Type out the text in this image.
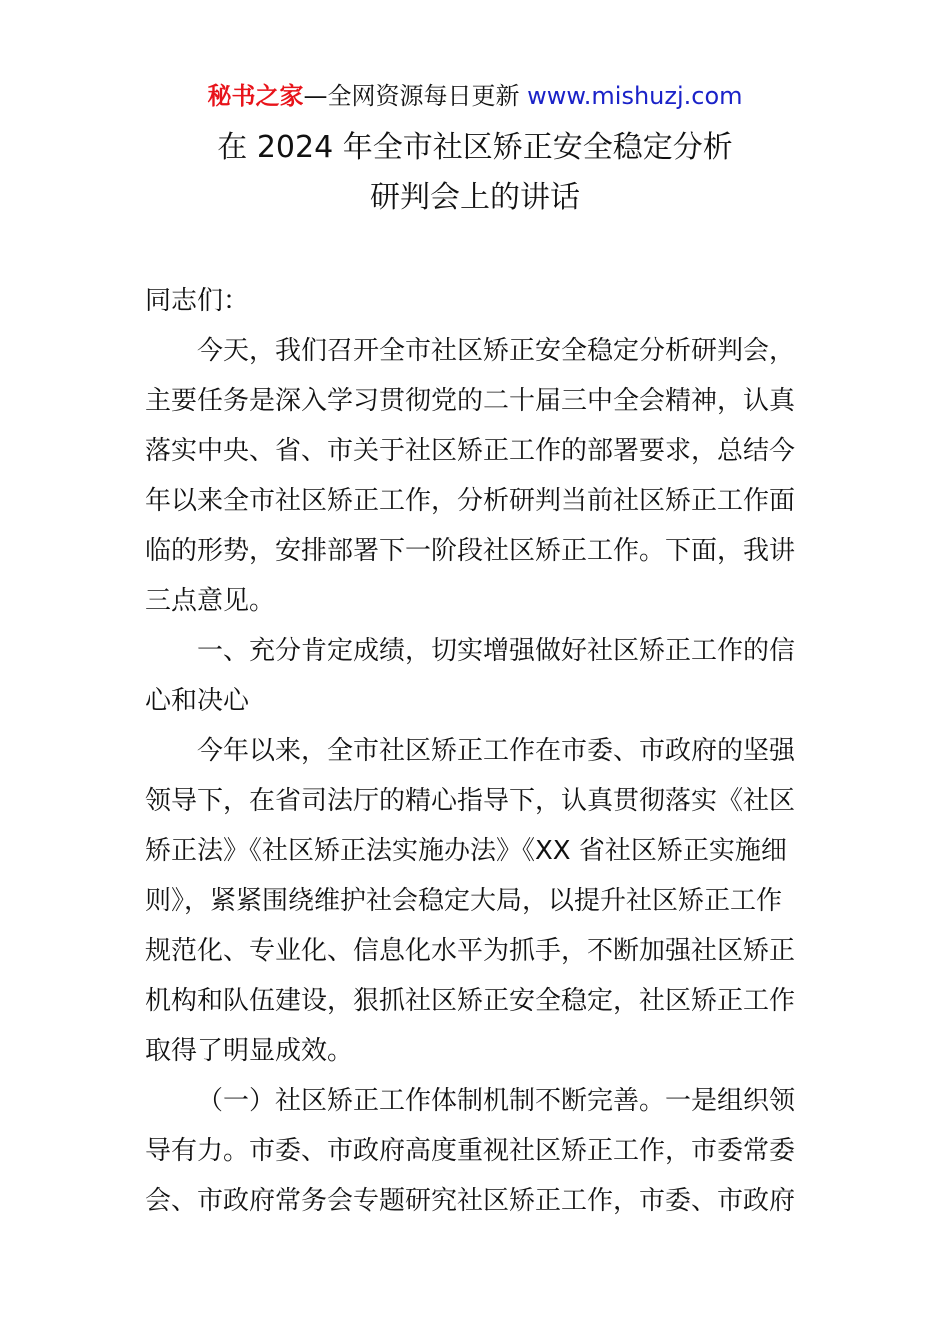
秘书之家—全网资源每日更新 www.mishuzj.com
在 2024 年全市社区矫正安全稳定分析
研判会上的讲话

同志们：

今天，我们召开全市社区矫正安全稳定分析研判会，

主要任务是深入学习贯彻党的二十届三中全会精神，认真

落实中央、省、市关于社区矫正工作的部署要求，总结今

年以来全市社区矫正工作，分析研判当前社区矫正工作面

临的形势，安排部署下一阶段社区矫正工作。下面，我讲

三点意见。

一、充分肯定成绩，切实增强做好社区矫正工作的信

心和决心

今年以来，全市社区矫正工作在市委、市政府的坚强

领导下，在省司法厅的精心指导下，认真贯彻落实《社区

矫正法》《社区矫正法实施办法》《XX 省社区矫正实施细

则》，紧紧围绕维护社会稳定大局，以提升社区矫正工作

规范化、专业化、信息化水平为抓手，不断加强社区矫正

机构和队伍建设，狠抓社区矫正安全稳定，社区矫正工作

取得了明显成效。

（一）社区矫正工作体制机制不断完善。一是组织领

导有力。市委、市政府高度重视社区矫正工作，市委常委

会、市政府常务会专题研究社区矫正工作，市委、市政府
